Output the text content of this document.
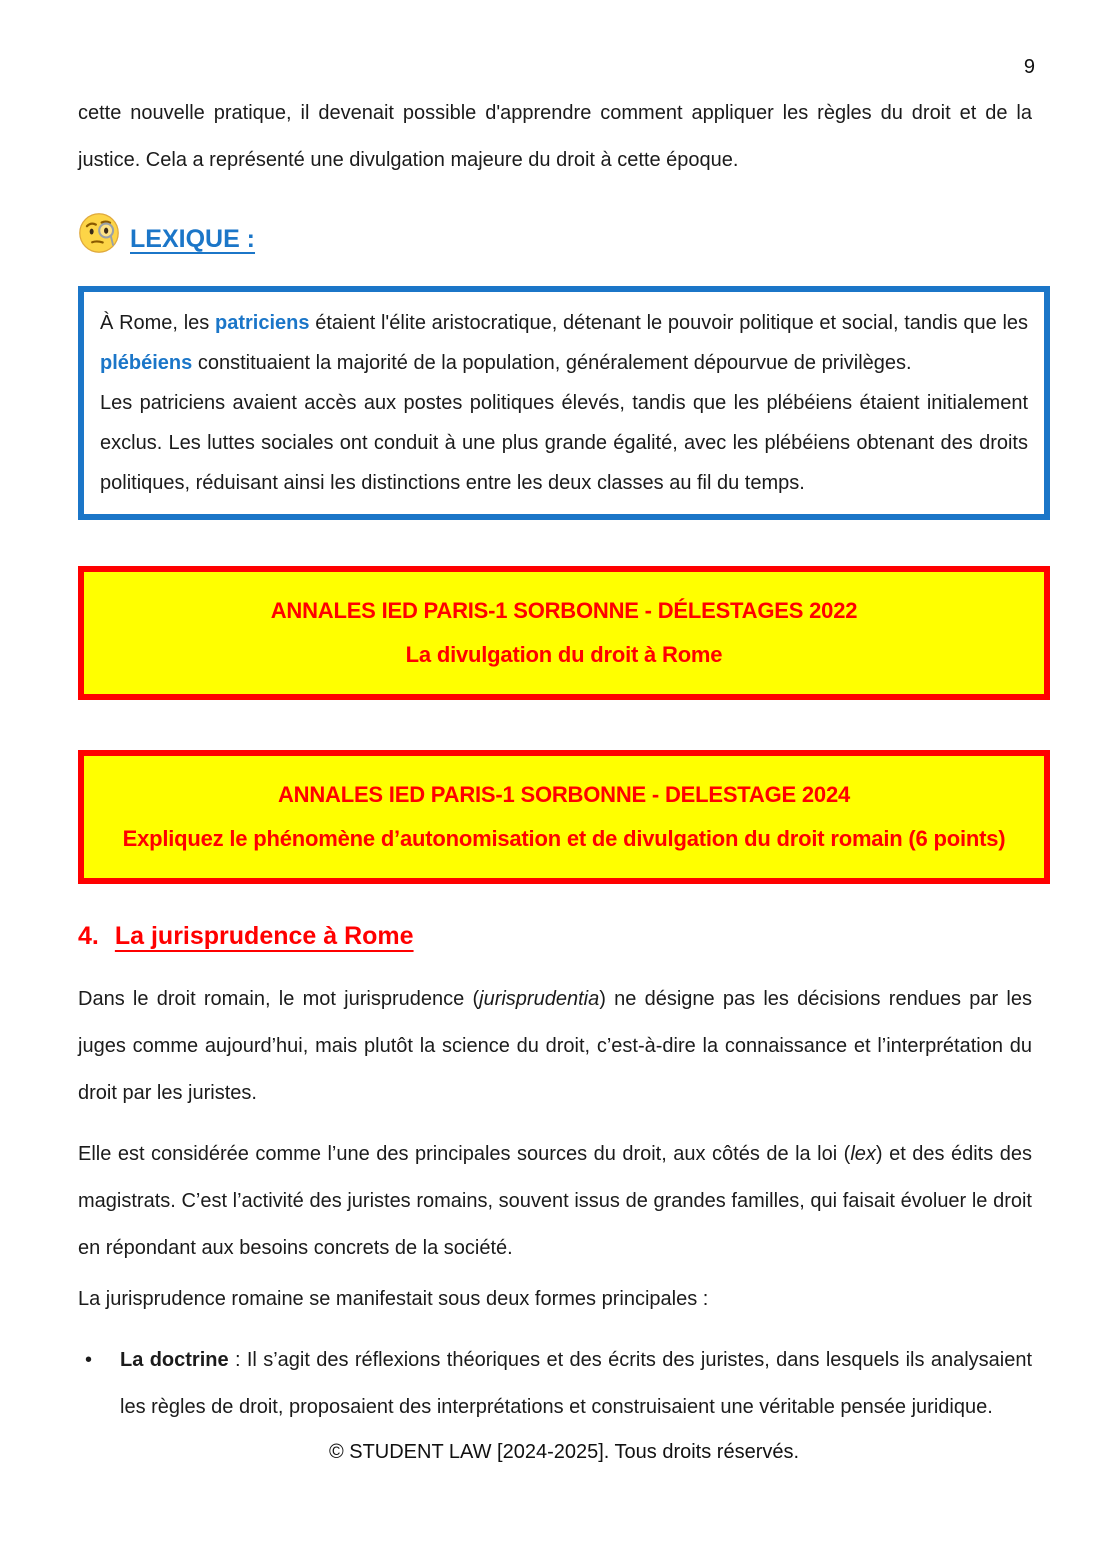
9
cette nouvelle pratique, il devenait possible d'apprendre comment appliquer les règles du droit et de la justice. Cela a représenté une divulgation majeure du droit à cette époque.
LEXIQUE :
À Rome, les patriciens étaient l'élite aristocratique, détenant le pouvoir politique et social, tandis que les plébéiens constituaient la majorité de la population, généralement dépourvue de privilèges.
Les patriciens avaient accès aux postes politiques élevés, tandis que les plébéiens étaient initialement exclus. Les luttes sociales ont conduit à une plus grande égalité, avec les plébéiens obtenant des droits politiques, réduisant ainsi les distinctions entre les deux classes au fil du temps.
ANNALES IED PARIS-1 SORBONNE - DÉLESTAGES 2022
La divulgation du droit à Rome
ANNALES IED PARIS-1 SORBONNE - DELESTAGE 2024
Expliquez le phénomène d’autonomisation et de divulgation du droit romain (6 points)
4. La jurisprudence à Rome
Dans le droit romain, le mot jurisprudence (jurisprudentia) ne désigne pas les décisions rendues par les juges comme aujourd’hui, mais plutôt la science du droit, c’est-à-dire la connaissance et l’interprétation du droit par les juristes.
Elle est considérée comme l’une des principales sources du droit, aux côtés de la loi (lex) et des édits des magistrats. C’est l’activité des juristes romains, souvent issus de grandes familles, qui faisait évoluer le droit en répondant aux besoins concrets de la société.
La jurisprudence romaine se manifestait sous deux formes principales :
•	La doctrine : Il s’agit des réflexions théoriques et des écrits des juristes, dans lesquels ils analysaient les règles de droit, proposaient des interprétations et construisaient une véritable pensée juridique.
© STUDENT LAW [2024-2025]. Tous droits réservés.
